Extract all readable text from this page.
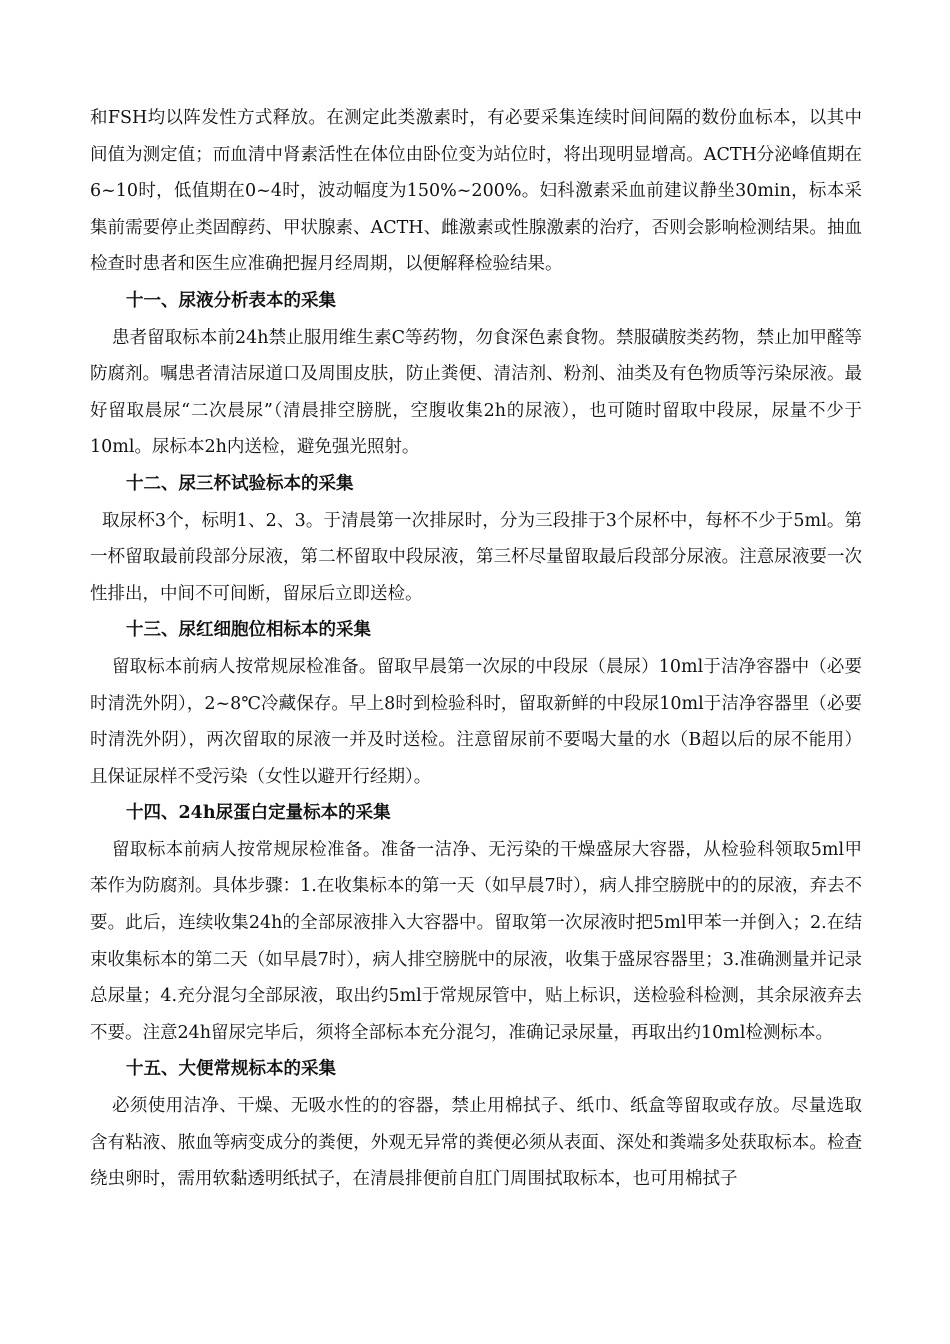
和FSH均以阵发性方式释放。在测定此类激素时，有必要采集连续时间间隔的数份血标本，以其中间值为测定值；而血清中肾素活性在体位由卧位变为站位时，将出现明显增高。ACTH分泌峰值期在6~10时，低值期在0~4时，波动幅度为150%~200%。妇科激素采血前建议静坐30min，标本采集前需要停止类固醇药、甲状腺素、ACTH、雌激素或性腺激素的治疗，否则会影响检测结果。抽血检查时患者和医生应准确把握月经周期，以便解释检验结果。

十一、尿液分析表本的采集

患者留取标本前24h禁止服用维生素C等药物，勿食深色素食物。禁服磺胺类药物，禁止加甲醛等防腐剂。嘱患者清洁尿道口及周围皮肤，防止粪便、清洁剂、粉剂、油类及有色物质等污染尿液。最好留取晨尿“二次晨尿”（清晨排空膀胱，空腹收集2h的尿液），也可随时留取中段尿，尿量不少于10ml。尿标本2h内送检，避免强光照射。

十二、尿三杯试验标本的采集

取尿杯3个，标明1、2、3。于清晨第一次排尿时，分为三段排于3个尿杯中，每杯不少于5ml。第一杯留取最前段部分尿液，第二杯留取中段尿液，第三杯尽量留取最后段部分尿液。注意尿液要一次性排出，中间不可间断，留尿后立即送检。

十三、尿红细胞位相标本的采集

留取标本前病人按常规尿检准备。留取早晨第一次尿的中段尿（晨尿）10ml于洁净容器中（必要时清洗外阴），2~8℃冷藏保存。早上8时到检验科时，留取新鲜的中段尿10ml于洁净容器里（必要时清洗外阴），两次留取的尿液一并及时送检。注意留尿前不要喝大量的水（B超以后的尿不能用）且保证尿样不受污染（女性以避开行经期）。

十四、24h尿蛋白定量标本的采集

留取标本前病人按常规尿检准备。准备一洁净、无污染的干燥盛尿大容器，从检验科领取5ml甲苯作为防腐剂。具体步骤：1.在收集标本的第一天（如早晨7时），病人排空膀胱中的的尿液，弃去不要。此后，连续收集24h的全部尿液排入大容器中。留取第一次尿液时把5ml甲苯一并倒入；2.在结束收集标本的第二天（如早晨7时），病人排空膀胱中的尿液，收集于盛尿容器里；3.准确测量并记录总尿量；4.充分混匀全部尿液，取出约5ml于常规尿管中，贴上标识，送检验科检测，其余尿液弃去不要。注意24h留尿完毕后，须将全部标本充分混匀，准确记录尿量，再取出约10ml检测标本。

十五、大便常规标本的采集

必须使用洁净、干燥、无吸水性的的容器，禁止用棉拭子、纸巾、纸盒等留取或存放。尽量选取含有粘液、脓血等病变成分的粪便，外观无异常的粪便必须从表面、深处和粪端多处获取标本。检查绕虫卵时，需用软黏透明纸拭子，在清晨排便前自肛门周围拭取标本，也可用棉拭子
